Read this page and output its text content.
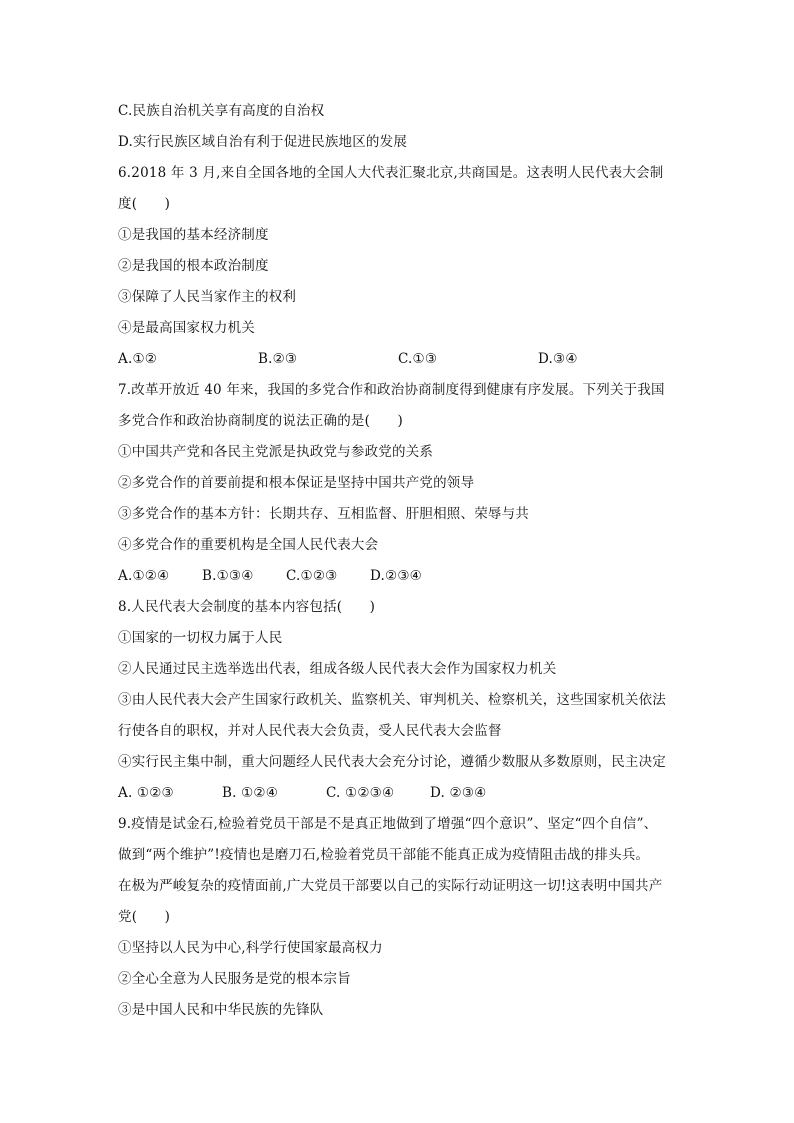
C.民族自治机关享有高度的自治权
D.实行民族区域自治有利于促进民族地区的发展
6.2018 年 3 月,来自全国各地的全国人大代表汇聚北京,共商国是。这表明人民代表大会制
度(　　)
①是我国的基本经济制度
②是我国的根本政治制度
③保障了人民当家作主的权利
④是最高国家权力机关
A.①②	B.②③	C.①③	D.③④
7.改革开放近 40 年来，我国的多党合作和政治协商制度得到健康有序发展。下列关于我国
多党合作和政治协商制度的说法正确的是(　　)
①中国共产党和各民主党派是执政党与参政党的关系
②多党合作的首要前提和根本保证是坚持中国共产党的领导
③多党合作的基本方针：长期共存、互相监督、肝胆相照、荣辱与共
④多党合作的重要机构是全国人民代表大会
A.①②④	B.①③④	C.①②③	D.②③④
8.人民代表大会制度的基本内容包括(　　)
①国家的一切权力属于人民
②人民通过民主选举选出代表，组成各级人民代表大会作为国家权力机关
③由人民代表大会产生国家行政机关、监察机关、审判机关、检察机关，这些国家机关依法
行使各自的职权，并对人民代表大会负责，受人民代表大会监督
④实行民主集中制，重大问题经人民代表大会充分讨论，遵循少数服从多数原则，民主决定
A. ①②③	B. ①②④	C. ①②③④	D. ②③④
9.疫情是试金石,检验着党员干部是不是真正地做到了增强“四个意识”、坚定“四个自信”、
做到“两个维护”!疫情也是磨刀石,检验着党员干部能不能真正成为疫情阻击战的排头兵。
在极为严峻复杂的疫情面前,广大党员干部要以自己的实际行动证明这一切!这表明中国共产
党(　　)
①坚持以人民为中心,科学行使国家最高权力
②全心全意为人民服务是党的根本宗旨
③是中国人民和中华民族的先锋队
